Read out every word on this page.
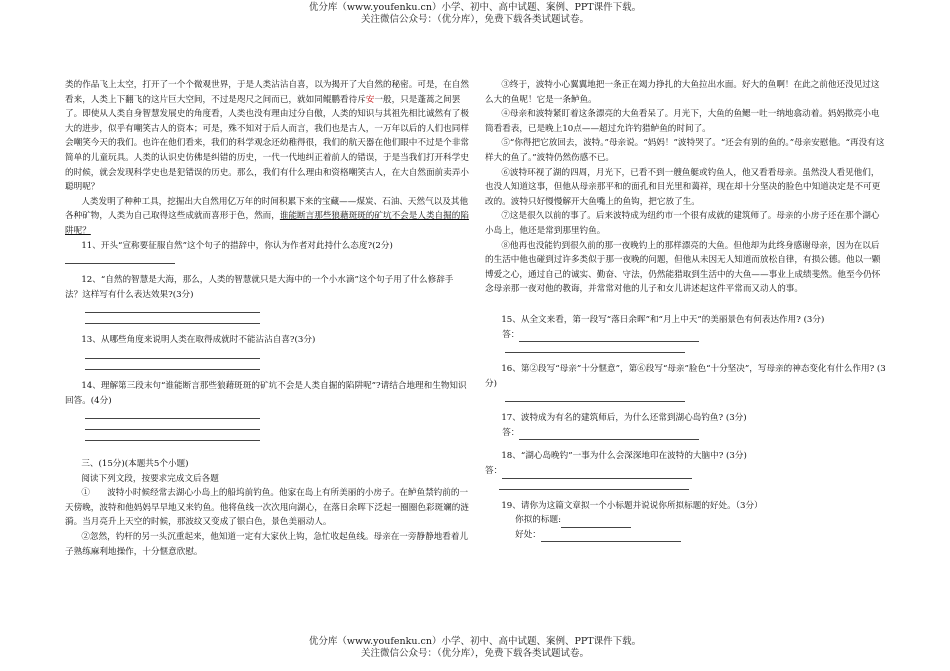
优分库（www.youfenku.cn）小学、初中、高中试题、案例、PPT课件下载。
关注微信公众号：（优分库），免费下载各类试题试卷。

类的作品飞上太空，打开了一个个微观世界，于是人类沾沾自喜，以为揭开了大自然的秘密。可是，在自然看来，人类上下翻飞的这片巨大空间，不过是咫尺之间而已，就如同鲲鹏看待斥安一般，只是蓬蒿之间罢了。即使从人类自身智慧发展史的角度看，人类也没有理由过分自傲，人类的知识与其祖先相比诚然有了极大的进步，似乎有嘲笑古人的资本；可是，殊不知对于后人而言，我们也是古人，一万年以后的人们也同样会嘲笑今天的我们。也许在他们看来，我们的科学观念还幼稚得很，我们的航天器在他们眼中不过是个非常简单的儿童玩具。人类的认识史仿佛是纠错的历史，一代一代地纠正着前人的错误，于是当我们打开科学史的时候，就会发现科学史也是犯错误的历史。那么，我们有什么理由和资格嘲笑古人，在大自然面前卖弄小聪明呢？

人类发明了种种工具，挖掘出大自然用亿万年的时间积累下来的宝藏——煤炭、石油、天然气以及其他各种矿物，人类为自己取得这些成就而喜形于色，然而，谁能断言那些狼藉斑斑的矿坑不会是人类自掘的陷阱呢？

11、开头“宣称要征服自然”这个句子的措辞中，你认为作者对此持什么态度?(2分)

12、“自然的智慧是大海，那么，人类的智慧就只是大海中的一个小水滴”这个句子用了什么修辞手法？这样写有什么表达效果?(3分)

13、从哪些角度来说明人类在取得成就时不能沾沾自喜?(3分)

14、理解第三段末句“谁能断言那些狼藉斑斑的矿坑不会是人类自掘的陷阱呢”?请结合地理和生物知识回答。(4分)

三、(15分)(本题共5个小题)

阅读下列文段，按要求完成文后各题

①　　波特小时候经常去湖心小岛上的船坞前钓鱼。他家在岛上有所美丽的小房子。在鲈鱼禁钓前的一天傍晚，波特和他妈妈早早地又来钓鱼。他将鱼线一次次甩向湖心，在落日余晖下泛起一圈圈色彩斑斓的涟漪。当月亮升上天空的时候，那波纹又变成了银白色，景色美丽动人。

②忽然，钓杆的另一头沉重起来，他知道一定有大家伙上钩，急忙收起鱼线。母亲在一旁静静地看着儿子熟练麻利地操作，十分惬意欣慰。

③终于，波特小心翼翼地把一条正在竭力挣扎的大鱼拉出水面。好大的鱼啊！在此之前他还没见过这么大的鱼呢！它是一条鲈鱼。

④母亲和波特紧盯着这条漂亮的大鱼看呆了。月光下，大鱼的鱼鳃一吐一纳地翕动着。妈妈揿亮小电筒看看表，已是晚上10点——超过允许钓猎鲈鱼的时间了。

⑤“你得把它放回去，波特。”母亲说。“妈妈！”波特哭了。“还会有别的鱼的。”母亲安慰他。“再没有这样大的鱼了。”波特仍然伤感不已。

⑥波特环视了湖的四周，月光下，已看不到一艘鱼艇或钓鱼人，他又看看母亲。虽然没人看见他们，也没人知道这事，但他从母亲那平和的面孔和目光里和蔼祥，现在却十分坚决的脸色中知道决定是不可更改的。波特只好慢慢解开大鱼嘴上的鱼钩，把它放了生。

⑦这是很久以前的事了。后来波特成为纽约市一个很有成就的建筑师了。母亲的小房子还在那个湖心小岛上，他还是常到那里钓鱼。

⑧他再也没能钓到很久前的那一夜晚钓上的那样漂亮的大鱼。但他却为此终身感谢母亲，因为在以后的生活中他也碰到过许多类似于那一夜晚的问题，但他从未因无人知道而放松自律，有损公德。他以一颗博爱之心，通过自己的诚实、勤奋、守法，仍然能猎取到生活中的大鱼——事业上成绩斐然。他至今仍怀念母亲那一夜对他的教诲，并常常对他的儿子和女儿讲述起这件平常而又动人的事。

15、从全文来看，第一段写“落日余晖”和“月上中天”的美丽景色有何表达作用? (3分)

答：

16、第②段写“母亲”十分惬意”，第⑥段写“母亲”脸色“十分坚决”，写母亲的神态变化有什么作用? (3分)

17、波特成为有名的建筑师后，为什么还常到湖心岛钓鱼? (3分)

答：

18、“湖心岛晚钓”一事为什么会深深地印在波特的大脑中? (3分)

答：

19、请你为这篇文章拟一个小标题并说说你所拟标题的好处。（3分）

你拟的标题:

好处：

优分库（www.youfenku.cn）小学、初中、高中试题、案例、PPT课件下载。
关注微信公众号：（优分库），免费下载各类试题试卷。
